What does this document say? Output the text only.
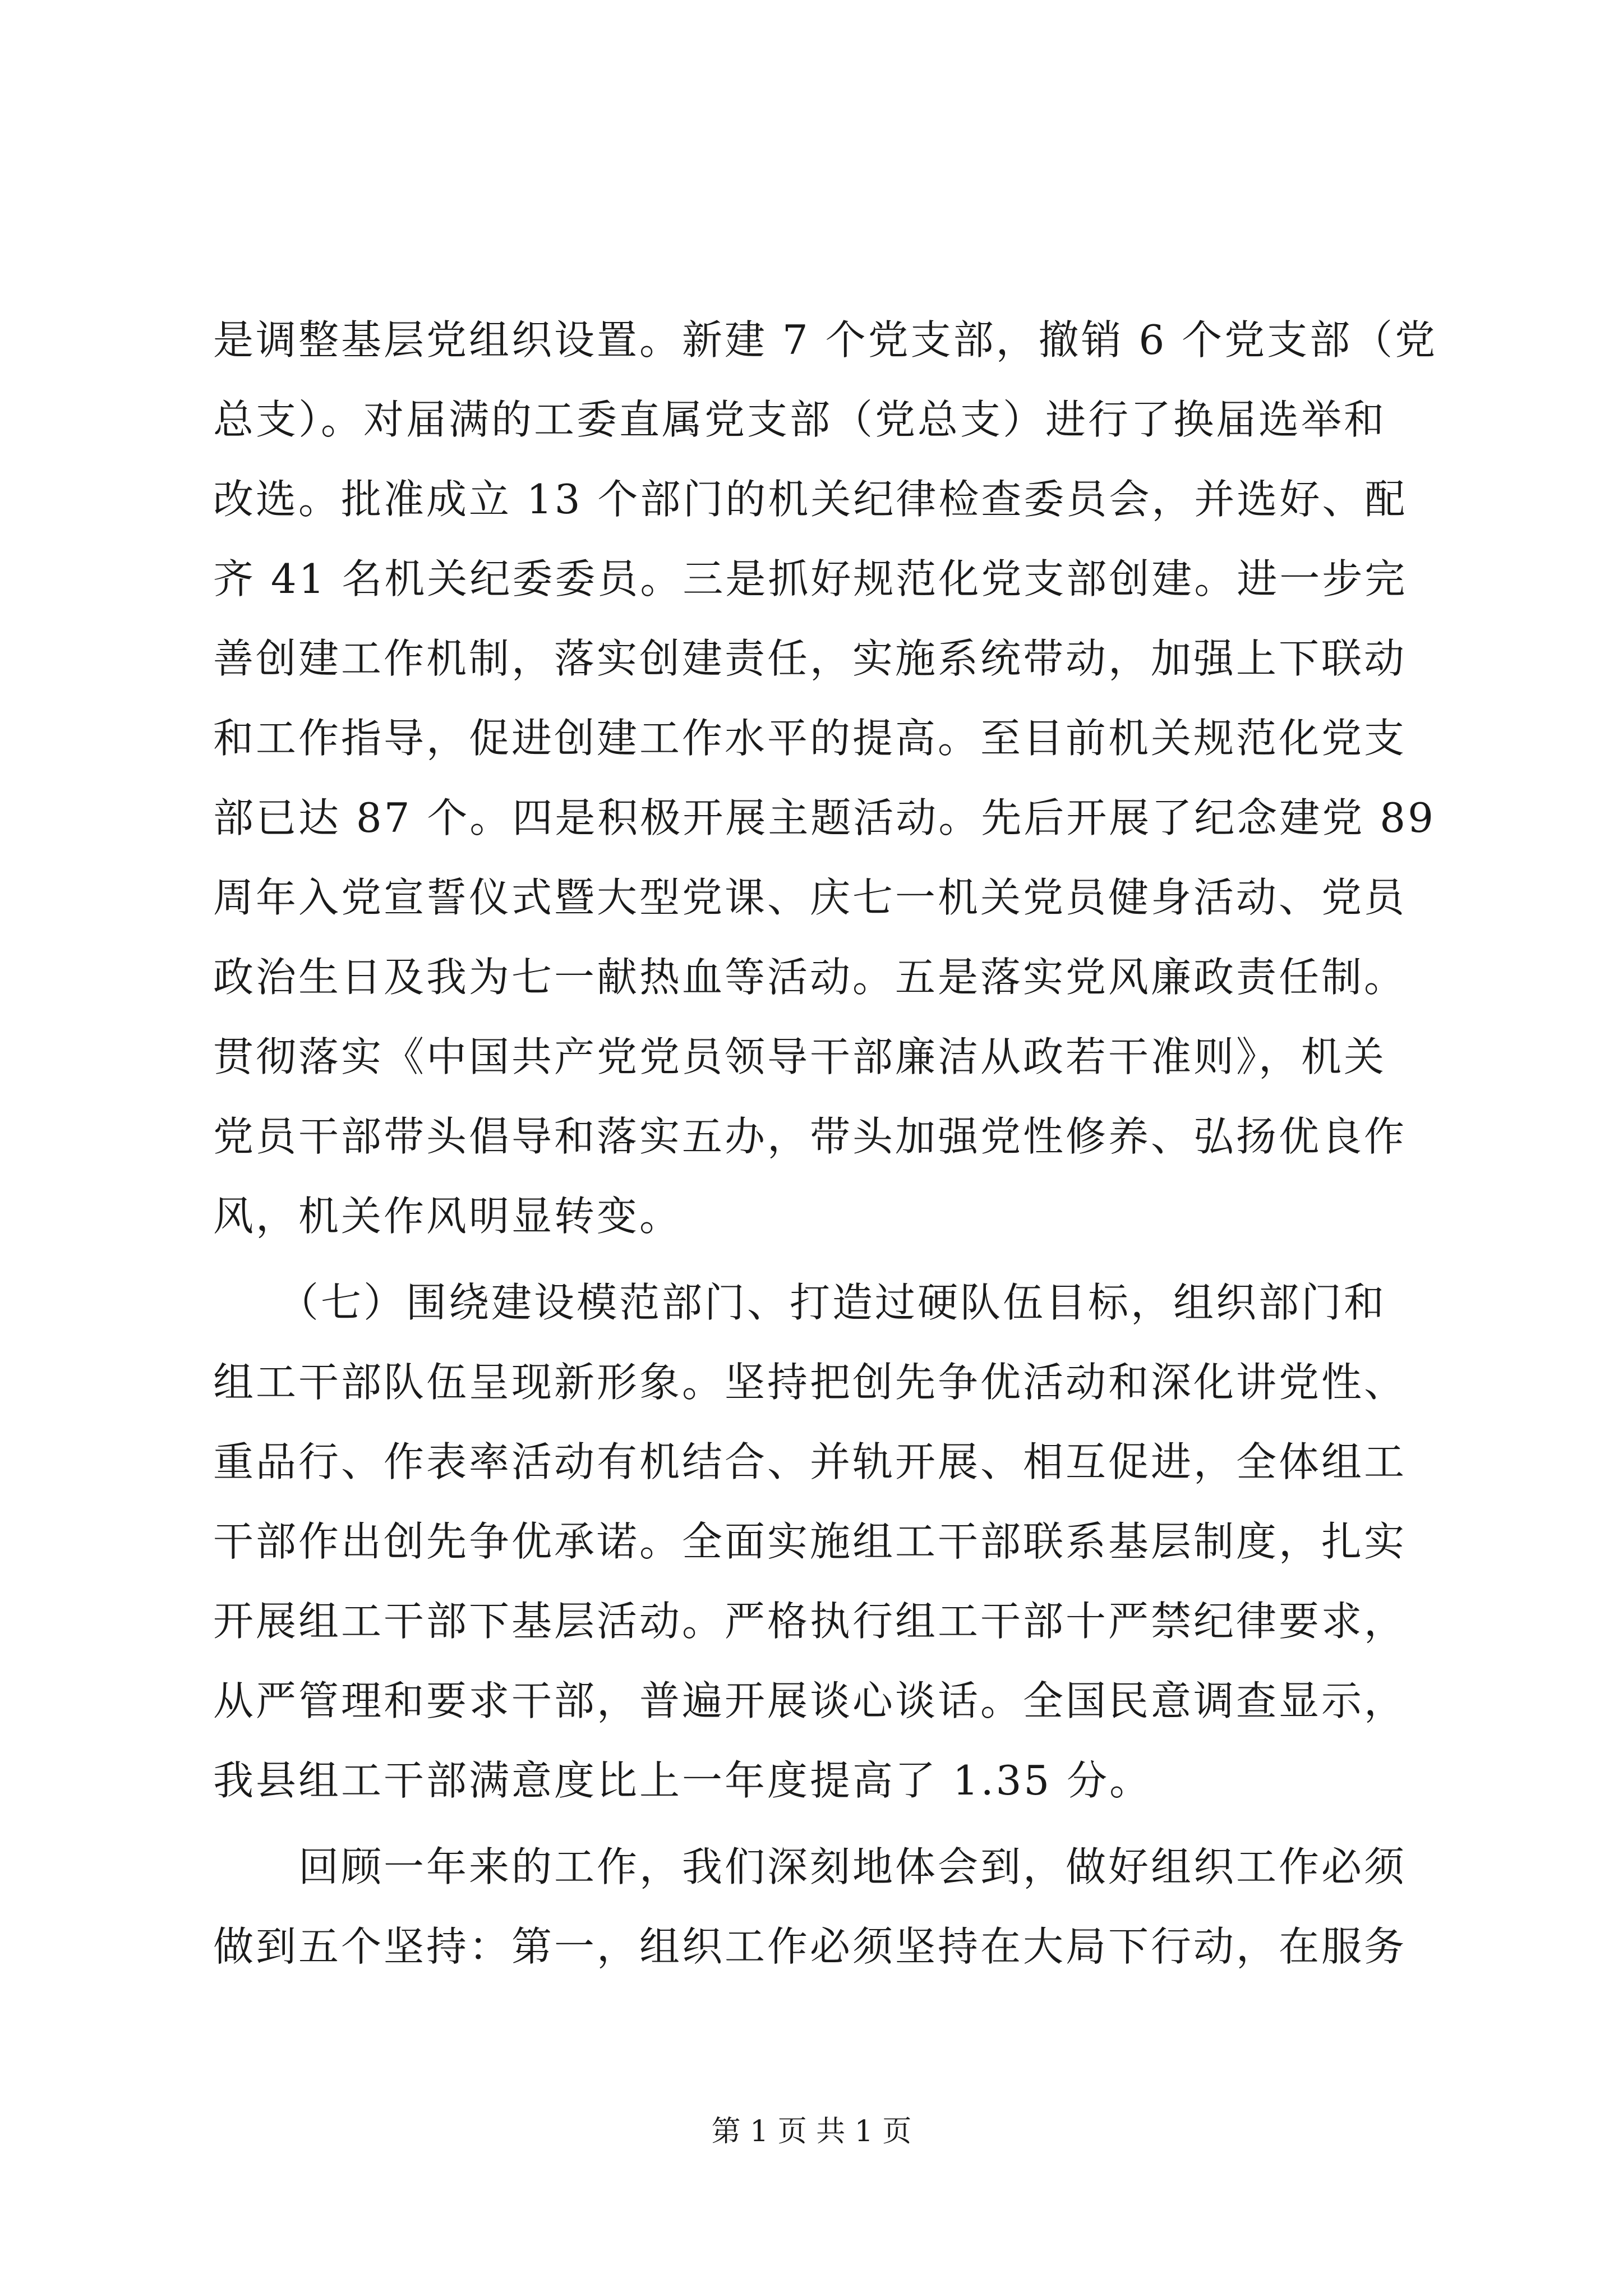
是调整基层党组织设置。新建 7 个党支部，撤销 6 个党支部（党
总支）。对届满的工委直属党支部（党总支）进行了换届选举和
改选。批准成立 13 个部门的机关纪律检查委员会，并选好、配
齐 41 名机关纪委委员。三是抓好规范化党支部创建。进一步完
善创建工作机制，落实创建责任，实施系统带动，加强上下联动
和工作指导，促进创建工作水平的提高。至目前机关规范化党支
部已达 87 个。四是积极开展主题活动。先后开展了纪念建党 89
周年入党宣誓仪式暨大型党课、庆七一机关党员健身活动、党员
政治生日及我为七一献热血等活动。五是落实党风廉政责任制。
贯彻落实《中国共产党党员领导干部廉洁从政若干准则》，机关
党员干部带头倡导和落实五办，带头加强党性修养、弘扬优良作
风，机关作风明显转变。
　　（七）围绕建设模范部门、打造过硬队伍目标，组织部门和
组工干部队伍呈现新形象。坚持把创先争优活动和深化讲党性、
重品行、作表率活动有机结合、并轨开展、相互促进，全体组工
干部作出创先争优承诺。全面实施组工干部联系基层制度，扎实
开展组工干部下基层活动。严格执行组工干部十严禁纪律要求，
从严管理和要求干部，普遍开展谈心谈话。全国民意调查显示，
我县组工干部满意度比上一年度提高了 1.35 分。
　　回顾一年来的工作，我们深刻地体会到，做好组织工作必须
做到五个坚持：第一，组织工作必须坚持在大局下行动，在服务
第 1 页 共 1 页
